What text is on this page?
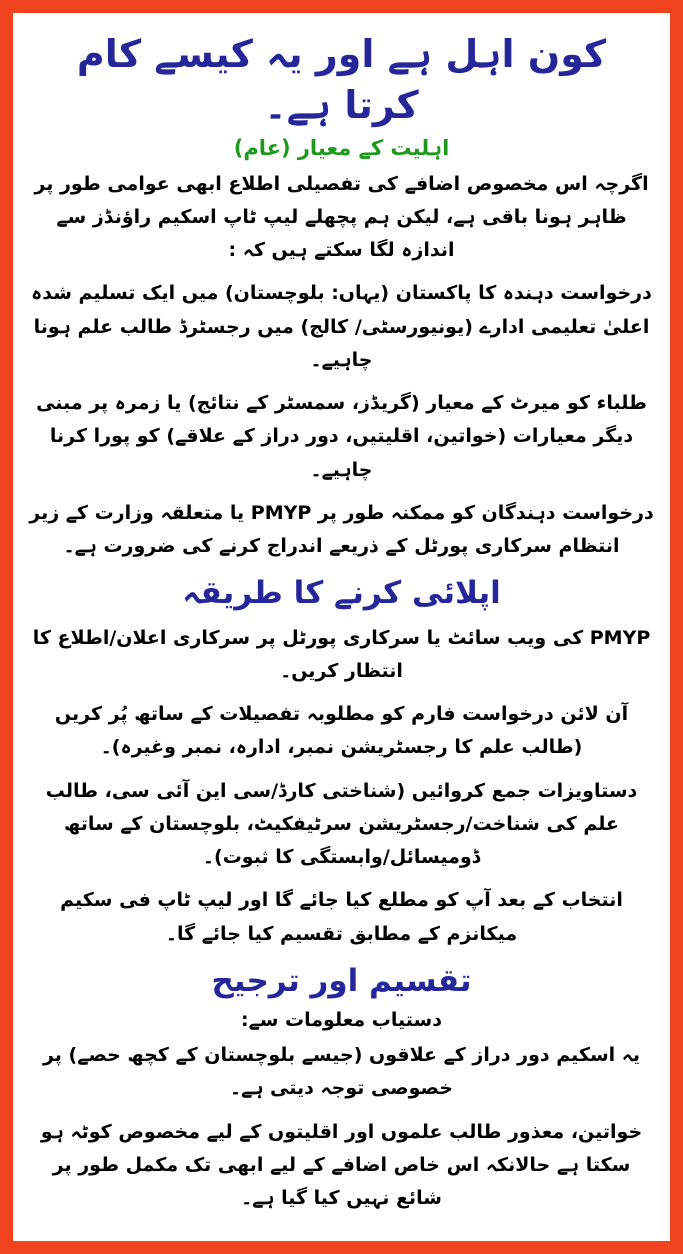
کون اہل ہے اور یہ کیسے کام کرتا ہے۔
اہلیت کے معیار (عام)

اگرچہ اس مخصوص اضافے کی تفصیلی اطلاع ابھی عوامی طور پر ظاہر ہونا باقی ہے، لیکن ہم پچھلے لیپ ٹاپ اسکیم راؤنڈز سے اندازہ لگا سکتے ہیں کہ :

درخواست دہندہ کا پاکستان (یہاں: بلوچستان) میں ایک تسلیم شدہ اعلیٰ تعلیمی ادارے (یونیورسٹی/ کالج) میں رجسٹرڈ طالب علم ہونا چاہیے۔

طلباء کو میرٹ کے معیار (گریڈز، سمسٹر کے نتائج) یا زمرہ پر مبنی دیگر معیارات (خواتین، اقلیتیں، دور دراز کے علاقے) کو پورا کرنا چاہیے۔

درخواست دہندگان کو ممکنہ طور پر PMYP یا متعلقہ وزارت کے زیر انتظام سرکاری پورٹل کے ذریعے اندراج کرنے کی ضرورت ہے۔

اپلائی کرنے کا طریقہ

PMYP کی ویب سائٹ یا سرکاری پورٹل پر سرکاری اعلان/اطلاع کا انتظار کریں۔

آن لائن درخواست فارم کو مطلوبہ تفصیلات کے ساتھ پُر کریں (طالب علم کا رجسٹریشن نمبر، ادارہ، نمبر وغیرہ)۔

دستاویزات جمع کروائیں (شناختی کارڈ/سی این آئی سی، طالب علم کی شناخت/رجسٹریشن سرٹیفکیٹ، بلوچستان کے ساتھ ڈومیسائل/وابستگی کا ثبوت)۔

انتخاب کے بعد آپ کو مطلع کیا جائے گا اور لیپ ٹاپ فی سکیم میکانزم کے مطابق تقسیم کیا جائے گا۔

تقسیم اور ترجیح
دستیاب معلومات سے:

یہ اسکیم دور دراز کے علاقوں (جیسے بلوچستان کے کچھ حصے) پر خصوصی توجہ دیتی ہے۔

خواتین، معذور طالب علموں اور اقلیتوں کے لیے مخصوص کوٹہ ہو سکتا ہے حالانکہ اس خاص اضافے کے لیے ابھی تک مکمل طور پر شائع نہیں کیا گیا ہے۔
